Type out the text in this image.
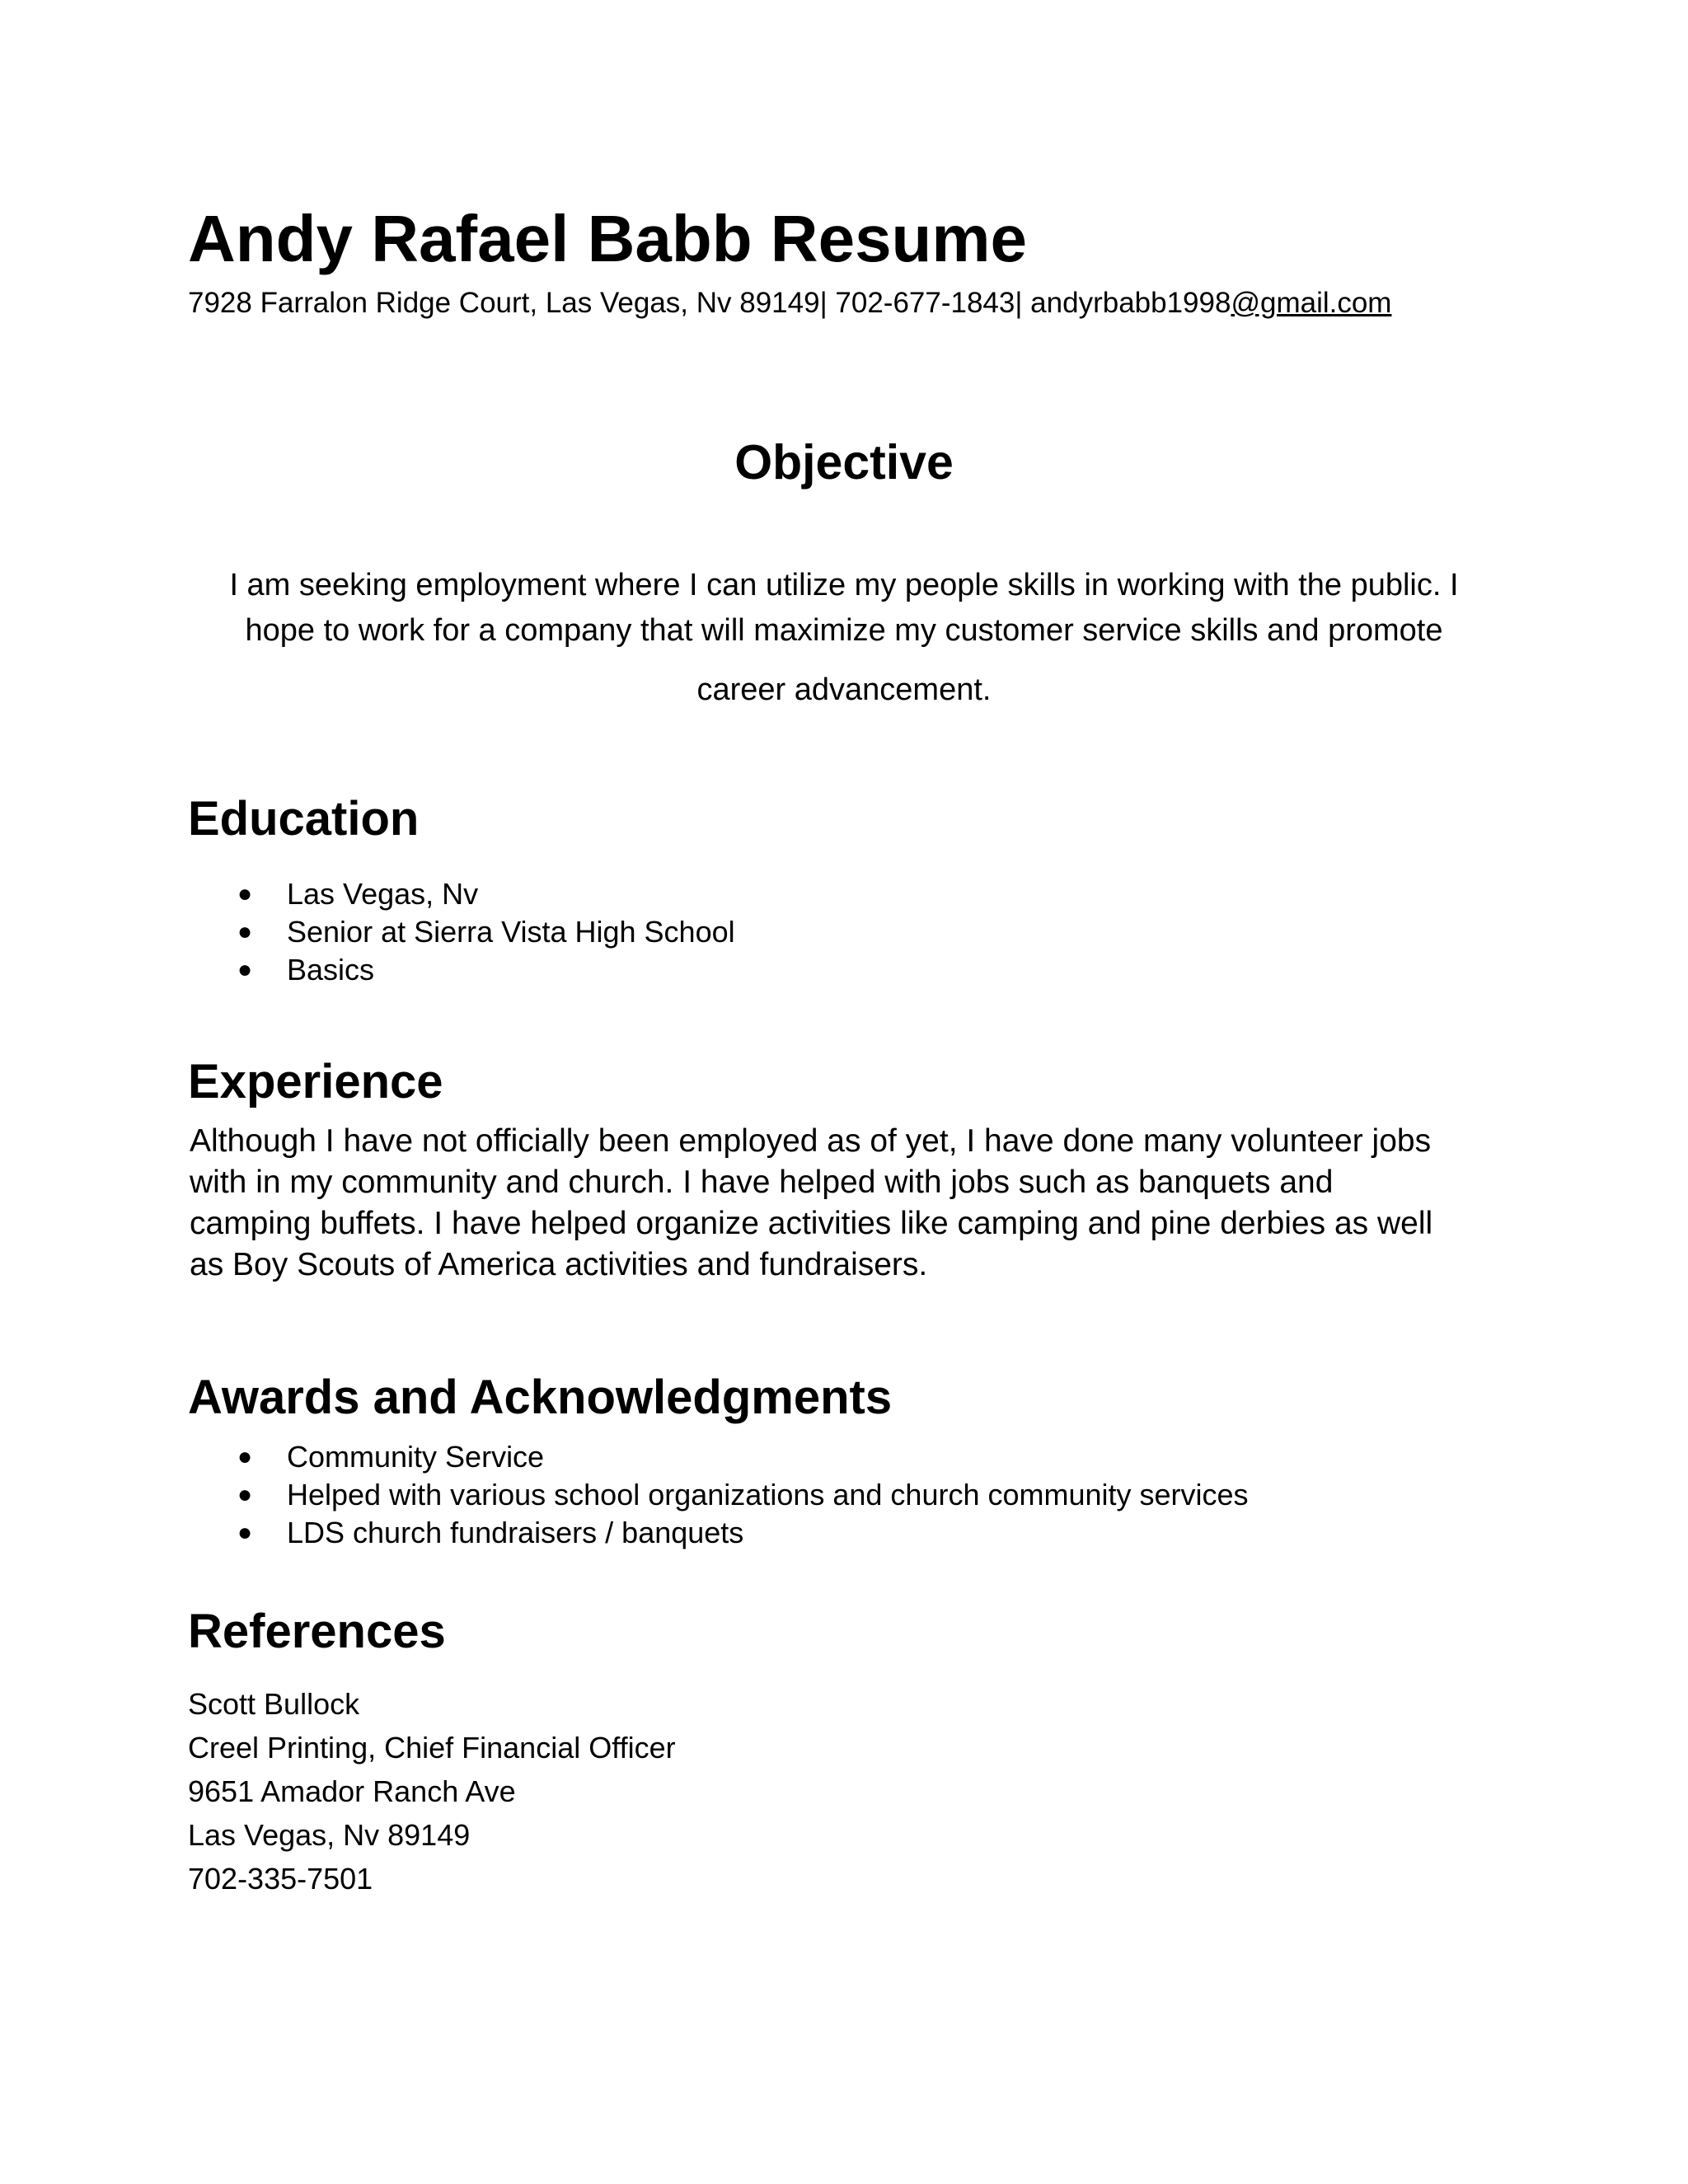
Andy Rafael Babb Resume
7928 Farralon Ridge Court, Las Vegas, Nv 89149| 702-677-1843| andyrbabb1998@gmail.com
Objective
I am seeking employment where I can utilize my people skills in working with the public. I
hope to work for a company that will maximize my customer service skills and promote
career advancement.
Education
● Las Vegas, Nv
● Senior at Sierra Vista High School
● Basics
Experience
Although I have not officially been employed as of yet, I have done many volunteer jobs
with in my community and church. I have helped with jobs such as banquets and
camping buffets. I have helped organize activities like camping and pine derbies as well
as Boy Scouts of America activities and fundraisers.
Awards and Acknowledgments
● Community Service
● Helped with various school organizations and church community services
● LDS church fundraisers / banquets
References
Scott Bullock
Creel Printing, Chief Financial Officer
9651 Amador Ranch Ave
Las Vegas, Nv 89149
702-335-7501
